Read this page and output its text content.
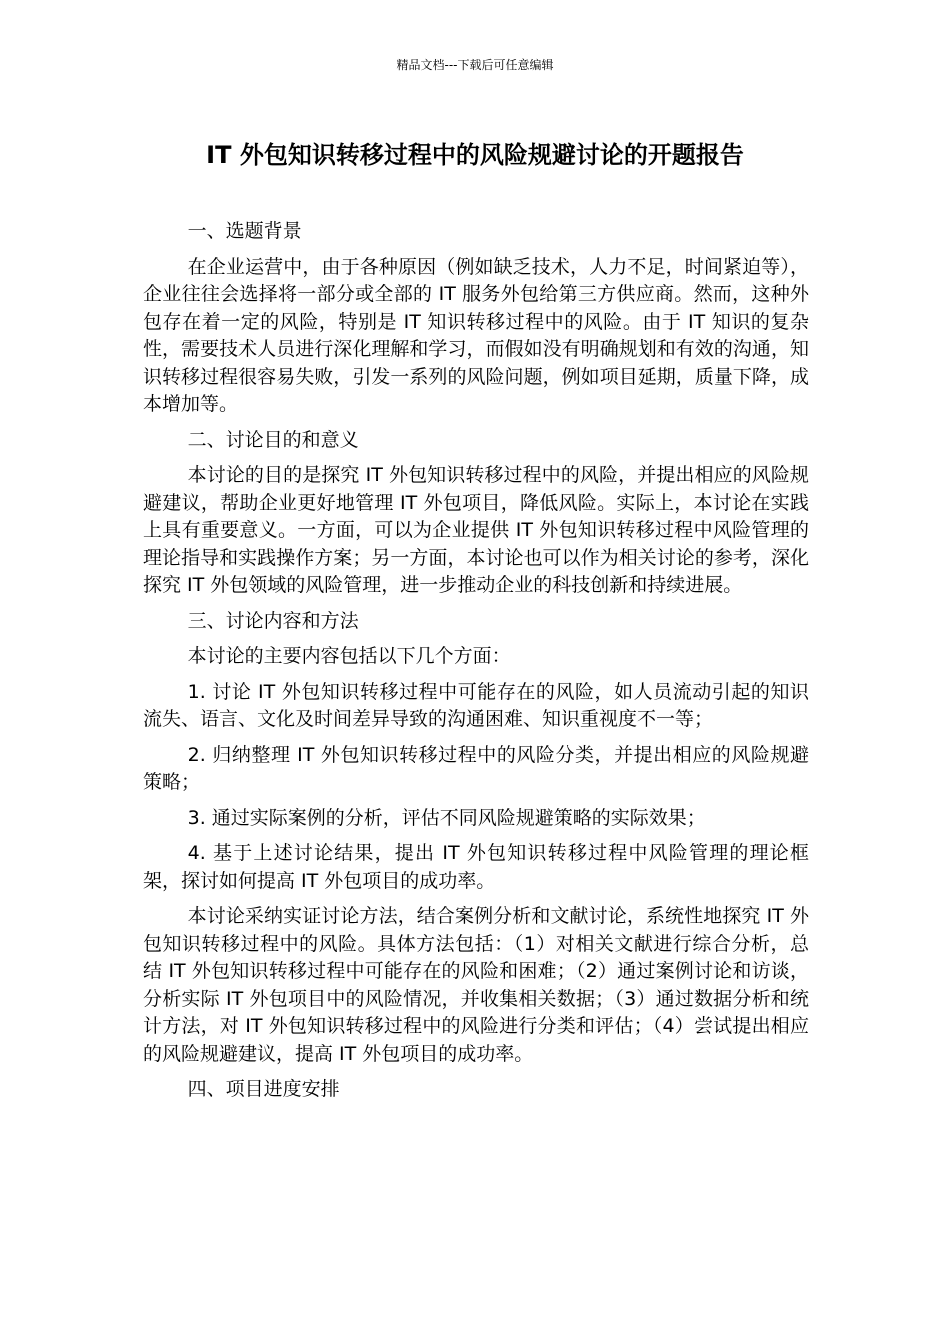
精品文档---下载后可任意编辑
IT 外包知识转移过程中的风险规避讨论的开题报告

一、选题背景

在企业运营中，由于各种原因（例如缺乏技术，人力不足，时间紧迫等），企业往往会选择将一部分或全部的 IT 服务外包给第三方供应商。然而，这种外包存在着一定的风险，特别是 IT 知识转移过程中的风险。由于 IT 知识的复杂性，需要技术人员进行深化理解和学习，而假如没有明确规划和有效的沟通，知识转移过程很容易失败，引发一系列的风险问题，例如项目延期，质量下降，成本增加等。

二、讨论目的和意义

本讨论的目的是探究 IT 外包知识转移过程中的风险，并提出相应的风险规避建议，帮助企业更好地管理 IT 外包项目，降低风险。实际上，本讨论在实践上具有重要意义。一方面，可以为企业提供 IT 外包知识转移过程中风险管理的理论指导和实践操作方案；另一方面，本讨论也可以作为相关讨论的参考，深化探究 IT 外包领域的风险管理，进一步推动企业的科技创新和持续进展。

三、讨论内容和方法

本讨论的主要内容包括以下几个方面：

1. 讨论 IT 外包知识转移过程中可能存在的风险，如人员流动引起的知识流失、语言、文化及时间差异导致的沟通困难、知识重视度不一等；

2. 归纳整理 IT 外包知识转移过程中的风险分类，并提出相应的风险规避策略；

3. 通过实际案例的分析，评估不同风险规避策略的实际效果；

4. 基于上述讨论结果，提出 IT 外包知识转移过程中风险管理的理论框架，探讨如何提高 IT 外包项目的成功率。

本讨论采纳实证讨论方法，结合案例分析和文献讨论，系统性地探究 IT 外包知识转移过程中的风险。具体方法包括：（1）对相关文献进行综合分析，总结 IT 外包知识转移过程中可能存在的风险和困难；（2）通过案例讨论和访谈，分析实际 IT 外包项目中的风险情况，并收集相关数据；（3）通过数据分析和统计方法，对 IT 外包知识转移过程中的风险进行分类和评估；（4）尝试提出相应的风险规避建议，提高 IT 外包项目的成功率。

四、项目进度安排
